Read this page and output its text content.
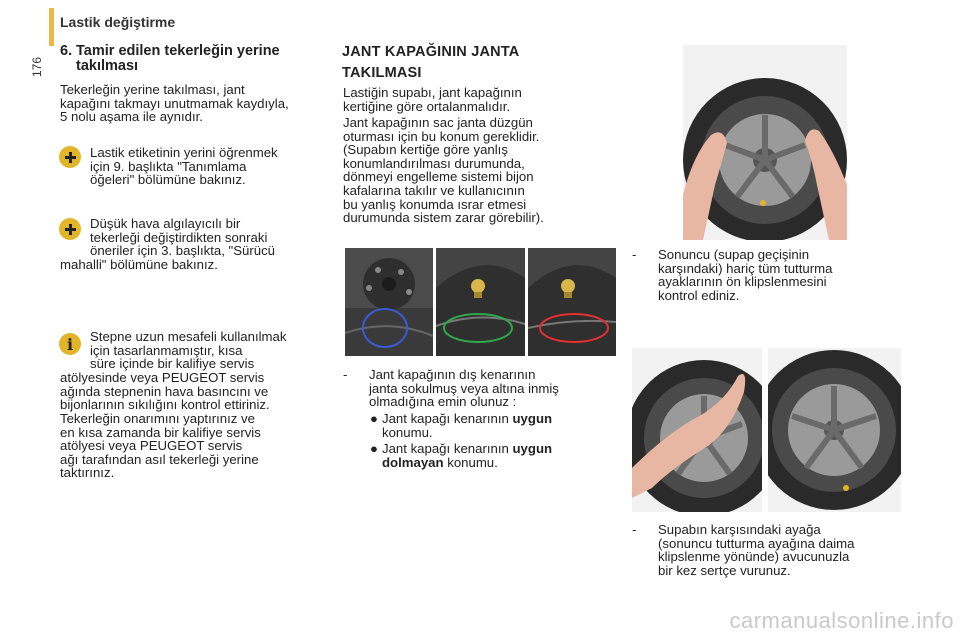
Lastik değiştirme
176
6. Tamir edilen tekerleğin yerine
takılması
Tekerleğin yerine takılması, jant
kapağını takmayı unutmamak kaydıyla,
5 nolu aşama ile aynıdır.
Lastik etiketinin yerini öğrenmek
için 9. başlıkta "Tanımlama
öğeleri" bölümüne bakınız.
Düşük hava algılayıcılı bir
tekerleği değiştirdikten sonraki
öneriler için 3. başlıkta, "Sürücü
mahalli" bölümüne bakınız.
i	Stepne uzun mesafeli kullanılmak
için tasarlanmamıştır, kısa
süre içinde bir kalifiye servis
atölyesinde veya PEUGEOT servis
ağında stepnenin hava basıncını ve
bijonlarının sıkılığını kontrol ettiriniz.
Tekerleğin onarımını yaptırınız ve
en kısa zamanda bir kalifiye servis
atölyesi veya PEUGEOT servis
ağı tarafından asıl tekerleği yerine
taktırınız.
JANT KAPAĞININ JANTA
TAKILMASI
Lastiğin supabı, jant kapağının
kertiğine göre ortalanmalıdır.
Jant kapağının sac janta düzgün
oturması için bu konum gereklidir.
(Supabın kertiğe göre yanlış
konumlandırılması durumunda,
dönmeyi engelleme sistemi bijon
kafalarına takılır ve kullanıcının
bu yanlış konumda ısrar etmesi
durumunda sistem zarar görebilir).
-	Jant kapağının dış kenarının
janta sokulmuş veya altına inmiş
olmadığına emin olunuz :
● Jant kapağı kenarının uygun
konumu.
● Jant kapağı kenarının uygun
dolmayan konumu.
-	Sonuncu (supap geçişinin
karşındaki) hariç tüm tutturma
ayaklarının ön klipslenmesini
kontrol ediniz.
-	Supabın karşısındaki ayağa
(sonuncu tutturma ayağına daima
klipslenme yönünde) avucunuzla
bir kez sertçe vurunuz.
carmanualsonline.info
